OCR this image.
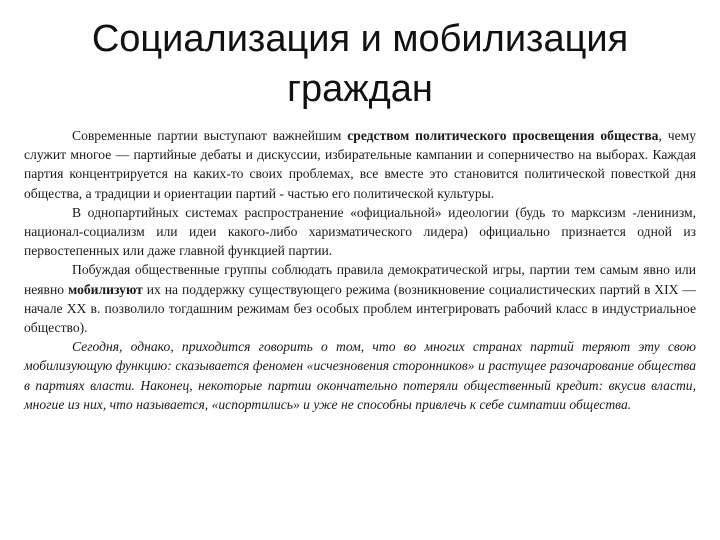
Социализация и мобилизация
граждан

Современные партии выступают важнейшим средством политического просвещения общества, чему служит многое — партийные дебаты и дискуссии, избирательные кампании и соперничество на выборах. Каждая партия концентрируется на каких-то своих проблемах, все вместе это становится политической повесткой дня общества, а традиции и ориентации партий - частью его политической культуры.

В однопартийных системах распространение «официальной» идеологии (будь то марксизм -ленинизм, национал-социализм или идеи какого-либо харизматического лидера) официально признается одной из первостепенных или даже главной функцией партии.

Побуждая общественные группы соблюдать правила демократической игры, партии тем самым явно или неявно мобилизуют их на поддержку существующего режима (возникновение социалистических партий в XIX — начале XX в. позволило тогдашним режимам без особых проблем интегрировать рабочий класс в индустриальное общество).

Сегодня, однако, приходится говорить о том, что во многих странах партий теряют эту свою мобилизующую функцию: сказывается феномен «исчезновения сторонников» и растущее разочарование общества в партиях власти. Наконец, некоторые партии окончательно потеряли общественный кредит: вкусив власти, многие из них, что называется, «испортились» и уже не способны привлечь к себе симпатии общества.
